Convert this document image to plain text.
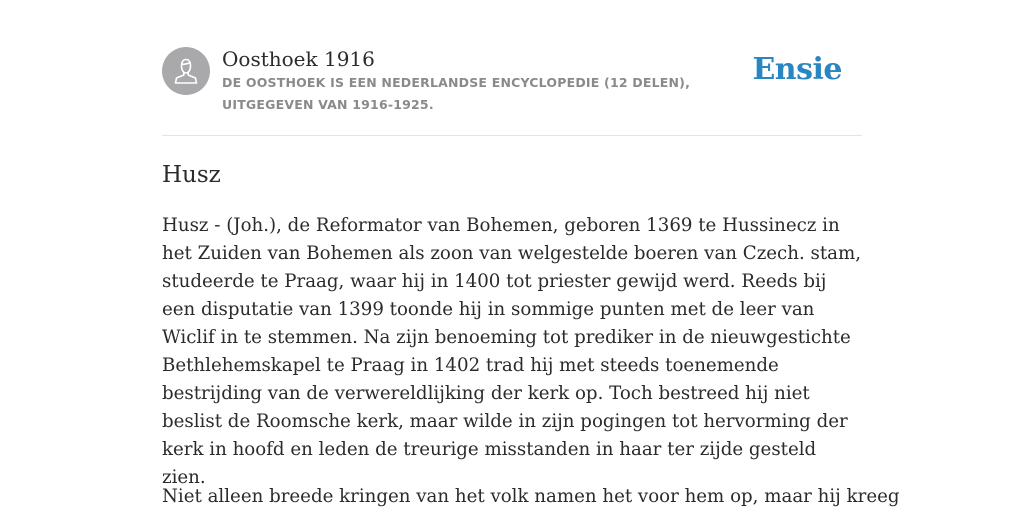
Oosthoek 1916

DE OOSTHOEK IS EEN NEDERLANDSE ENCYCLOPEDIE (12 DELEN), UITGEGEVEN VAN 1916-1925.

Ensie
Husz

Husz - (Joh.), de Reformator van Bohemen, geboren 1369 te Hussinecz in het Zuiden van Bohemen als zoon van welgestelde boeren van Czech. stam, studeerde te Praag, waar hij in 1400 tot priester gewijd werd. Reeds bij een disputatie van 1399 toonde hij in sommige punten met de leer van Wiclif in te stemmen. Na zijn benoeming tot prediker in de nieuwgestichte Bethlehemskapel te Praag in 1402 trad hij met steeds toenemende bestrijding van de verwereldlijking der kerk op. Toch bestreed hij niet beslist de Roomsche kerk, maar wilde in zijn pogingen tot hervorming der kerk in hoofd en leden de treurige misstanden in haar ter zijde gesteld zien.

Niet alleen breede kringen van het volk namen het voor hem op, maar hij kreeg
